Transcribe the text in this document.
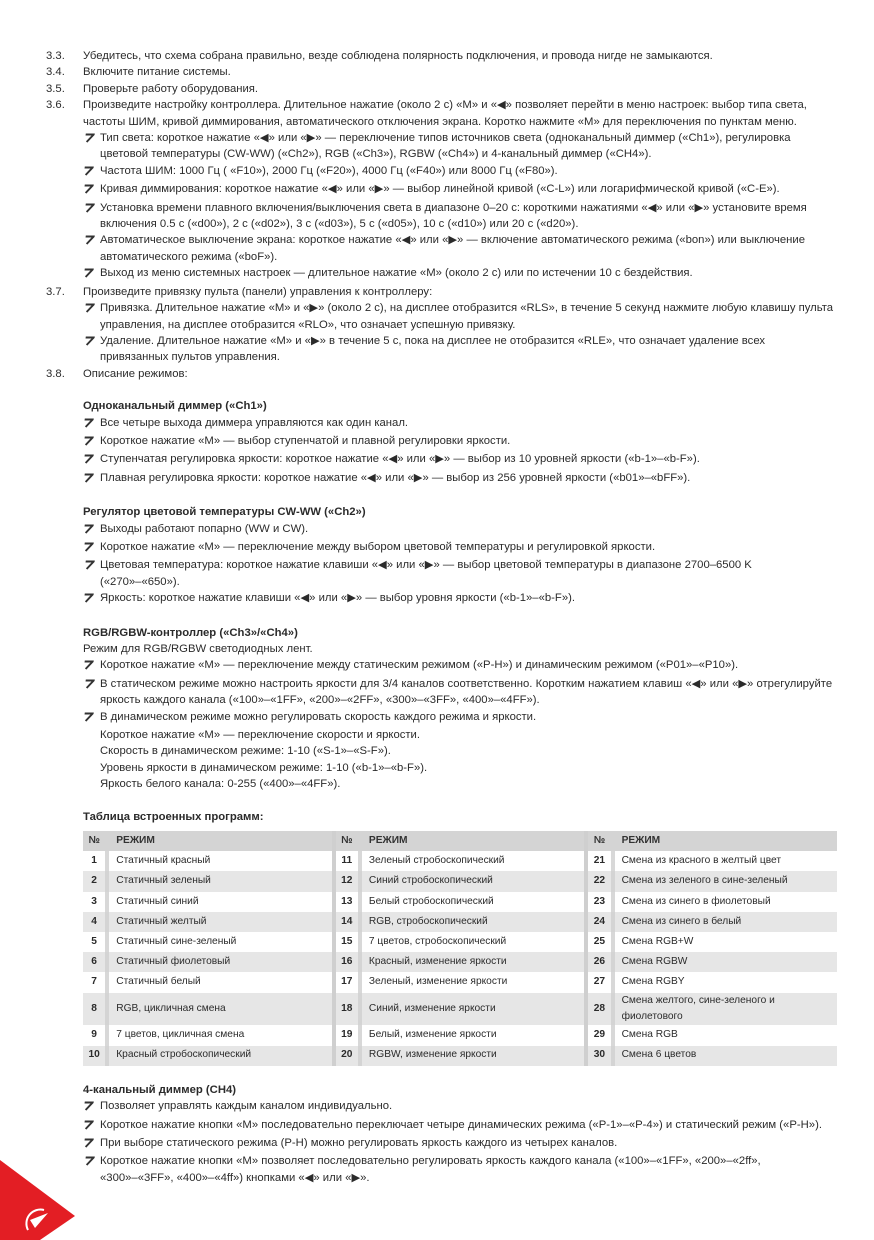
3.3.	Убедитесь, что схема собрана правильно, везде соблюдена полярность подключения, и провода нигде не замыкаются.
3.4.	Включите питание системы.
3.5.	Проверьте работу оборудования.
3.6.	Произведите настройку контроллера. Длительное нажатие (около 2 с) «M» и «◀» позволяет перейти в меню настроек: выбор типа света, частоты ШИМ, кривой диммирования, автоматического отключения экрана. Коротко нажмите «M» для переключения по пунктам меню.
Тип света: короткое нажатие «◀» или «▶» — переключение типов источников света (одноканальный диммер («Ch1»), регулировка цветовой температуры (CW-WW) («Ch2»), RGB («Ch3»), RGBW («Ch4») и 4-канальный диммер («CH4»).
Частота ШИМ: 1000 Гц ( «F10»), 2000 Гц («F20»), 4000 Гц («F40») или 8000 Гц («F80»).
Кривая диммирования: короткое нажатие «◀» или «▶» — выбор линейной кривой («C-L») или логарифмической кривой («C-E»).
Установка времени плавного включения/выключения света в диапазоне 0–20 с: короткими нажатиями «◀» или «▶» установите время включения 0.5 с («d00»), 2 с («d02»), 3 с («d03»), 5 с («d05»), 10 с («d10») или 20 с («d20»).
Автоматическое выключение экрана: короткое нажатие «◀» или «▶» — включение автоматического режима («bon») или выключение автоматического режима («boF»).
Выход из меню системных настроек — длительное нажатие «M» (около 2 с) или по истечении 10 с бездействия.
3.7.	Произведите привязку пульта (панели) управления к контроллеру:
Привязка. Длительное нажатие «M» и «▶» (около 2 с), на дисплее отобразится «RLS», в течение 5 секунд нажмите любую клавишу пульта управления, на дисплее отобразится «RLO», что означает успешную привязку.
Удаление. Длительное нажатие «M» и «▶» в течение 5 с, пока на дисплее не отобразится «RLE», что означает удаление всех привязанных пультов управления.
3.8.	Описание режимов:
Одноканальный диммер («Ch1»)
Все четыре выхода диммера управляются как один канал.
Короткое нажатие «M» — выбор ступенчатой и плавной регулировки яркости.
Ступенчатая регулировка яркости: короткое нажатие «◀» или «▶» — выбор из 10 уровней яркости («b-1»–«b-F»).
Плавная регулировка яркости: короткое нажатие «◀» или «▶» — выбор из 256 уровней яркости («b01»–«bFF»).
Регулятор цветовой температуры CW-WW («Ch2»)
Выходы работают попарно (WW и CW).
Короткое нажатие «M» — переключение между выбором цветовой температуры и регулировкой яркости.
Цветовая температура: короткое нажатие клавиши «◀» или «▶» — выбор цветовой температуры в диапазоне 2700–6500 K («270»–«650»).
Яркость: короткое нажатие клавиши «◀» или «▶» — выбор уровня яркости («b-1»–«b-F»).
RGB/RGBW-контроллер («Ch3»/«Ch4»)
Режим для RGB/RGBW светодиодных лент.
Короткое нажатие «M» — переключение между статическим режимом («P-H») и динамическим режимом («P01»–«P10»).
В статическом режиме можно настроить яркости для 3/4 каналов соответственно. Коротким нажатием клавиш «◀» или «▶» отрегулируйте яркость каждого канала («100»–«1FF», «200»–«2FF», «300»–«3FF», «400»–«4FF»).
В динамическом режиме можно регулировать скорость каждого режима и яркости.
Короткое нажатие «M» — переключение скорости и яркости.
Скорость в динамическом режиме: 1-10 («S-1»–«S-F»).
Уровень яркости в динамическом режиме: 1-10 («b-1»–«b-F»).
Яркость белого канала: 0-255 («400»–«4FF»).
Таблица встроенных программ:
№	РЕЖИМ		№	РЕЖИМ		№	РЕЖИМ
1	Статичный красный		11	Зеленый стробоскопический		21	Смена из красного в желтый цвет
2	Статичный зеленый		12	Синий стробоскопический		22	Смена из зеленого в сине-зеленый
3	Статичный синий		13	Белый стробоскопический		23	Смена из синего в фиолетовый
4	Статичный желтый		14	RGB, стробоскопический		24	Смена из синего в белый
5	Статичный сине-зеленый		15	7 цветов, стробоскопический		25	Смена RGB+W
6	Статичный фиолетовый		16	Красный, изменение яркости		26	Смена RGBW
7	Статичный белый		17	Зеленый, изменение яркости		27	Смена RGBY
8	RGB, цикличная смена		18	Синий, изменение яркости		28	Смена желтого, сине-зеленого и фиолетового
9	7 цветов, цикличная смена		19	Белый, изменение яркости		29	Смена RGB
10	Красный стробоскопический		20	RGBW, изменение яркости		30	Смена 6 цветов
4-канальный диммер (CH4)
Позволяет управлять каждым каналом индивидуально.
Короткое нажатие кнопки «M» последовательно переключает четыре динамических режима («P-1»–«P-4») и статический режим («P-H»).
При выборе статического режима (P-H) можно регулировать яркость каждого из четырех каналов.
Короткое нажатие кнопки «M» позволяет последовательно регулировать яркость каждого канала («100»–«1FF», «200»–«2ff», «300»–«3FF», «400»–«4ff») кнопками «◀» или «▶».
